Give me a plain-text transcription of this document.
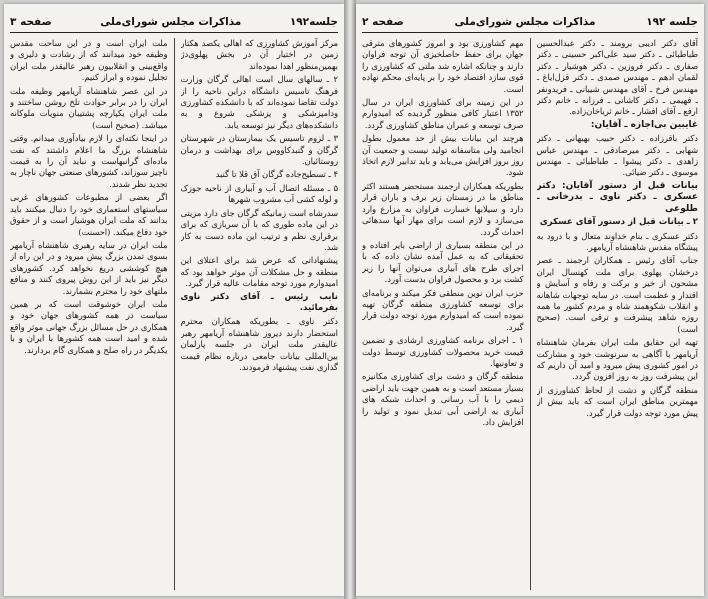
جلسه۱۹۲
مذاکرات مجلس شورای‌ملی
صفحه ۳

مرکز آموزش کشاورزی که اهالی یکصد هکتار زمین در اختیار آن در بخش پهلوی‌دژ بهمین‌منظور اهدا نموده‌اند

۲ ـ سالهای سال است اهالی گرگان وزارت فرهنگ تاسیس دانشگاه دراین ناحیه را از دولت تقاضا نموده‌اند که با دانشکده کشاورزی ودامپزشکی و پزشکی شروع و به دانشکده‌های دیگر نیز توسعه یابد.

۳ ـ لزوم تاسیس یک بیمارستان در شهرستان گرگان و گنبدکاووس برای بهداشت و درمان روستائیان.

۴ ـ تسطیح‌جاده گرگان آق قلا تا گنبد

۵ ـ مسئله اتصال آب و آبیاری از ناحیه جوزک و لوله کشی آب مشروب شهرها

سدرشاه است زمانیکه گرگان جای دارد مزیتی در این ماده طوری که با آن سربازی که برای برقراری نظم و ترتیب این ماده دست به کار شد.

پیشنهاداتی که عرض شد برای اعتلای این منطقه و حل مشکلات آن موثر خواهد بود که امیدوارم مورد توجه مقامات عالیه قرار گیرد.

نایب رئیس ـ آقای دکتر ناوی بفرمائید.

دکتر ناوی ـ بطوریکه همکاران محترم استحضار دارند دیروز شاهنشاه آریامهر رهبر عالیقدر ملت ایران در جلسه پارلمان بین‌المللی بیانات جامعی درباره نظام قیمت گذاری نفت پیشنهاد فرمودند.

ملت ایران است و در این ساحت مقدس وظیفه خود میدانند که از رشادت و دلیری و واقع‌بینی و انقلابیون رهبر عالیقدر ملت ایران تجلیل نموده و ابراز کنیم.

در این عصر شاهنشاه آریامهر وظیفه ملت ایران را در برابر حوادث تلخ روشن ساختند و ملت ایران یکپارچه پشتیبان منویات ملوکانه میباشد. (صحیح است)

در اینجا نکته‌ای را لازم بیادآوری میدانم. وقتی شاهنشاه بزرگ ما اعلام داشتند که نفت ماده‌ای گرانبهاست و نباید آن را به قیمت ناچیز سوزاند، کشورهای صنعتی جهان ناچار به تجدید نظر شدند.

اگر بعضی از مطبوعات کشورهای غربی سیاستهای استعماری خود را دنبال میکنند باید بدانند که ملت ایران هوشیار است و از حقوق خود دفاع میکند. (احسنت)

ملت ایران در سایه رهبری شاهنشاه آریامهر بسوی تمدن بزرگ پیش میرود و در این راه از هیچ کوششی دریغ نخواهد کرد. کشورهای دیگر نیز باید از این روش پیروی کنند و منافع ملتهای خود را محترم بشمارند.

ملت ایران خوشوقت است که بر همین سیاست در همه کشورهای جهان خود و همکاری در حل مسائل بزرگ جهانی موثر واقع شده و امید است همه کشورها با ایران و با یکدیگر در راه صلح و همکاری گام بردارند.

جلسه ۱۹۲
مذاکرات مجلس شورای‌ملی
صفحه ۲

آقای دکتر ادیبی برومند ـ دکتر عبدالحسین طباطبائی ـ دکتر سید علی‌اکبر حسینی ـ دکتر صفاری ـ دکتر فروزین ـ دکتر هوشیار ـ دکتر لقمان ادهم ـ مهندس صمدی ـ دکتر قزل‌ایاغ ـ مهندس فرخ ـ آقای مهندس شیبانی ـ فریدونفر ـ فهیمی ـ دکتر کاشانی ـ فرزانه ـ خانم دکتر ارفع ـ آقای افشار ـ خانم ثریاخان‌زاده.

غایبین بی‌اجازه ـ آقایان:

دکتر باقرزاده ـ دکتر حبیب بهبهانی ـ دکتر شهابی ـ دکتر میرصادقی ـ مهندس عباس زاهدی ـ دکتر پیشوا ـ طباطبائی ـ مهندس موسوی ـ دکتر ضیائی.

بیانات قبل از دستور آقایان: دکتر عسکری ـ دکتر ناوی ـ بدرخانی ـ طلوعی

۲ ـ بیانات قبل از دستور آقای عسکری

دکتر عسکری ـ بنام خداوند متعال و با درود به پیشگاه مقدس شاهنشاه آریامهر.

جناب آقای رئیس ـ همکاران ارجمند ـ عصر درخشان پهلوی برای ملت کهنسال ایران مشحون از خیر و برکت و رفاه و آسایش و اقتدار و عظمت است. در سایه توجهات شاهانه و انقلاب شکوهمند شاه و مردم کشور ما همه روزه شاهد پیشرفت و ترقی است. (صحیح است)

تهیه این حقایق ملت ایران بفرمان شاهنشاه آریامهر با آگاهی به سرنوشت خود و مشارکت در امور کشوری پیش میرود و امید آن داریم که این پیشرفت روز به روز افزون گردد.

منطقه گرگان و دشت از لحاظ کشاورزی از مهمترین مناطق ایران است که باید بیش از پیش مورد توجه دولت قرار گیرد.

مهم کشاورزی بود و امروز کشورهای مترقی جهان برای حفظ حاصلخیزی آن توجه فراوان دارند و چنانکه اشاره شد ملتی که کشاورزی را قوی سازد اقتصاد خود را بر پایه‌ای محکم نهاده است.

در این زمینه برای کشاورزی ایران در سال ۱۳۵۲ اعتبار کافی منظور گردیده که امیدوارم صرف توسعه و عمران مناطق کشاورزی گردد.

هرچند این بیانات بیش از حد معمول بطول انجامید ولی متاسفانه تولید نیست و جمعیت آن روز بروز افزایش می‌یابد و باید تدابیر لازم اتخاذ شود.

بطوریکه همکاران ارجمند مستحضر هستند اکثر مناطق ما در زمستان زیر برف و باران قرار دارد و سیلابها خسارت فراوان به مزارع وارد می‌سازد و لازم است برای مهار آبها سدهائی احداث گردد.

در این منطقه بسیاری از اراضی بایر افتاده و تحقیقاتی که به عمل آمده نشان داده که با اجرای طرح های آبیاری می‌توان آنها را زیر کشت برد و محصول فراوان بدست آورد.

حزب ایران نوین منطقی فکر میکند و برنامه‌ای برای توسعه کشاورزی منطقه گرگان تهیه نموده است که امیدوارم مورد توجه دولت قرار گیرد.

۱ ـ اجرای برنامه کشاورزی ارشادی و تضمین قیمت خرید محصولات کشاورزی توسط دولت و تعاونیها.

منطقه گرگان و دشت برای کشاورزی مکانیزه بسیار مستعد است و به همین جهت باید اراضی دیمی را با آب رسانی و احداث شبکه های آبیاری به اراضی آبی تبدیل نمود و تولید را افزایش داد.
